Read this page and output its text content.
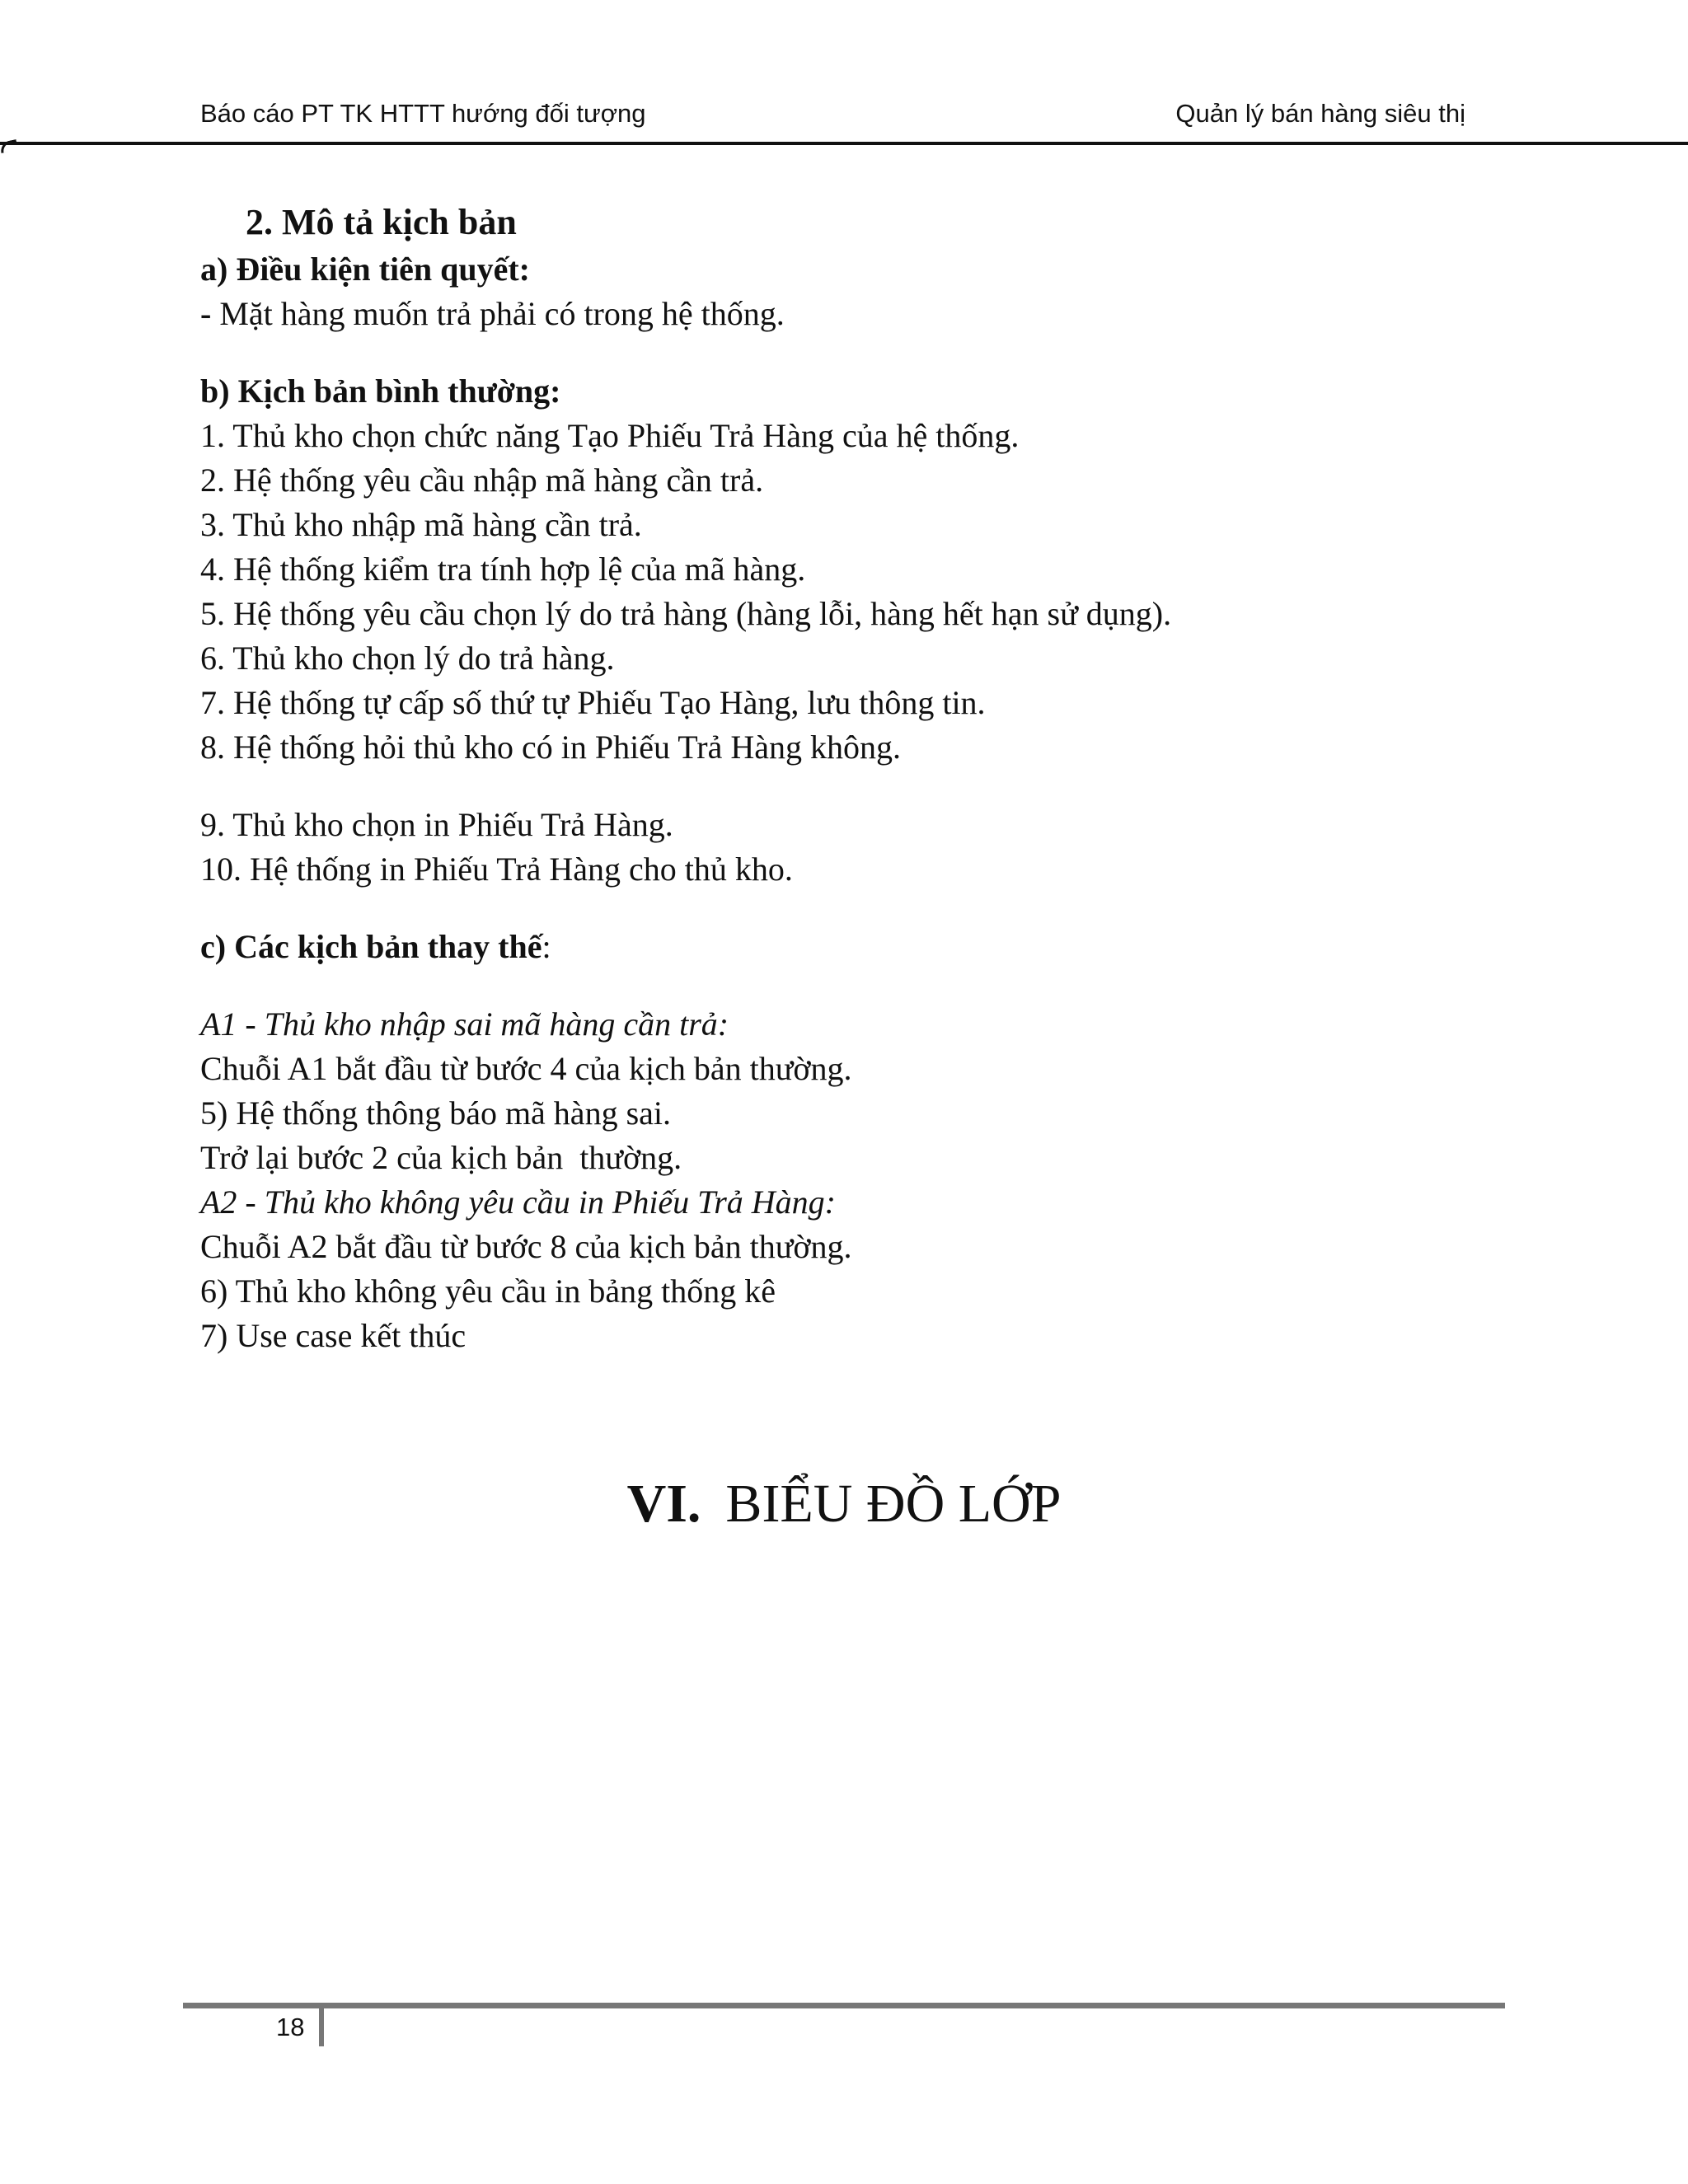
Báo cáo PT TK HTTT hướng đối tượng	Quản lý bán hàng siêu thị
2. Mô tả kịch bản
a) Điều kiện tiên quyết:
- Mặt hàng muốn trả phải có trong hệ thống.
b) Kịch bản bình thường:
1. Thủ kho chọn chức năng Tạo Phiếu Trả Hàng của hệ thống.
2. Hệ thống yêu cầu nhập mã hàng cần trả.
3. Thủ kho nhập mã hàng cần trả.
4. Hệ thống kiểm tra tính hợp lệ của mã hàng.
5. Hệ thống yêu cầu chọn lý do trả hàng (hàng lỗi, hàng hết hạn sử dụng).
6. Thủ kho chọn lý do trả hàng.
7. Hệ thống tự cấp số thứ tự Phiếu Tạo Hàng, lưu thông tin.
8. Hệ thống hỏi thủ kho có in Phiếu Trả Hàng không.
9. Thủ kho chọn in Phiếu Trả Hàng.
10. Hệ thống in Phiếu Trả Hàng cho thủ kho.
c) Các kịch bản thay thế:
A1 - Thủ kho nhập sai mã hàng cần trả:
Chuỗi A1 bắt đầu từ bước 4 của kịch bản thường.
5) Hệ thống thông báo mã hàng sai.
Trở lại bước 2 của kịch bản  thường.
A2 - Thủ kho không yêu cầu in Phiếu Trả Hàng:
Chuỗi A2 bắt đầu từ bước 8 của kịch bản thường.
6) Thủ kho không yêu cầu in bảng thống kê
7) Use case kết thúc
VI. BIỂU ĐỒ LỚP
18
